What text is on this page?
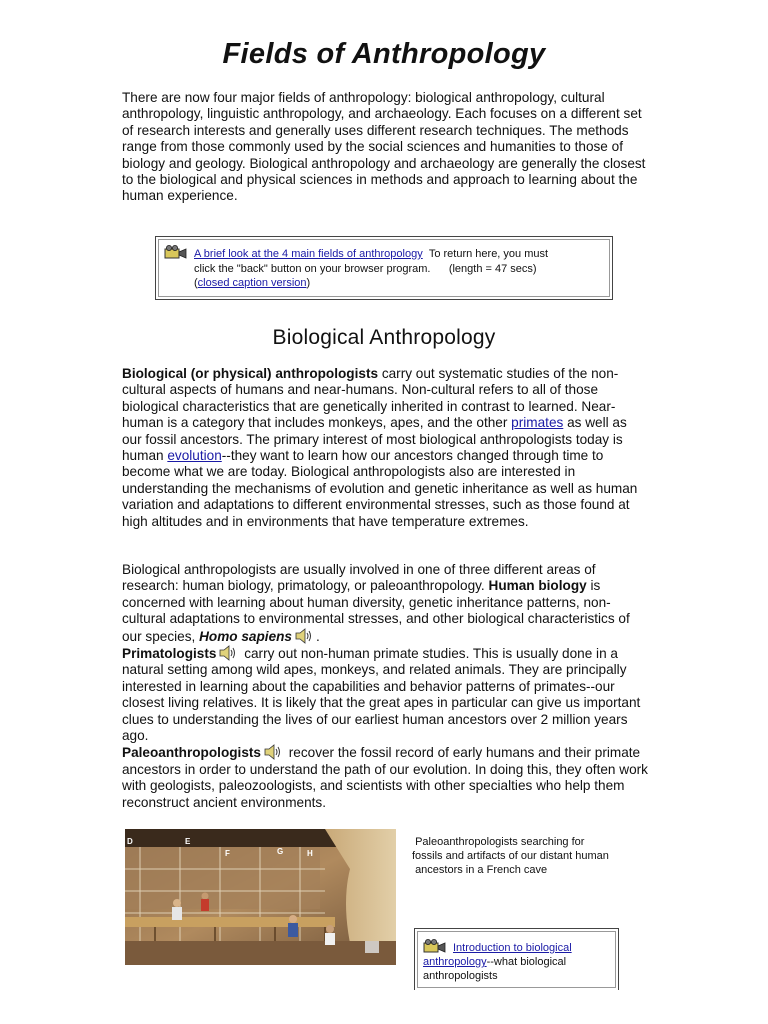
Fields of Anthropology

There are now four major fields of anthropology: biological anthropology, cultural anthropology, linguistic anthropology, and archaeology. Each focuses on a different set of research interests and generally uses different research techniques. The methods range from those commonly used by the social sciences and humanities to those of biology and geology. Biological anthropology and archaeology are generally the closest to the biological and physical sciences in methods and approach to learning about the human experience.

A brief look at the 4 main fields of anthropology To return here, you must
click the "back" button on your browser program. (length = 47 secs)
(closed caption version)
Biological Anthropology

Biological (or physical) anthropologists carry out systematic studies of the non-cultural aspects of humans and near-humans. Non-cultural refers to all of those biological characteristics that are genetically inherited in contrast to learned. Near-human is a category that includes monkeys, apes, and the other primates as well as our fossil ancestors. The primary interest of most biological anthropologists today is human evolution--they want to learn how our ancestors changed through time to become what we are today. Biological anthropologists also are interested in understanding the mechanisms of evolution and genetic inheritance as well as human variation and adaptations to different environmental stresses, such as those found at high altitudes and in environments that have temperature extremes.

Biological anthropologists are usually involved in one of three different areas of research: human biology, primatology, or paleoanthropology. Human biology is concerned with learning about human diversity, genetic inheritance patterns, non-cultural adaptations to environmental stresses, and other biological characteristics of our species, Homo sapiens .
Primatologists carry out non-human primate studies. This is usually done in a natural setting among wild apes, monkeys, and related animals. They are principally interested in learning about the capabilities and behavior patterns of primates--our closest living relatives. It is likely that the great apes in particular can give us important clues to understanding the lives of our earliest human ancestors over 2 million years ago.
Paleoanthropologists recover the fossil record of early humans and their primate ancestors in order to understand the path of our evolution. In doing this, they often work with geologists, paleozoologists, and scientists with other specialties who help them reconstruct ancient environments.

D	E
F	G	H

Paleoanthropologists searching for
fossils and artifacts of our distant human
ancestors in a French cave

Introduction to biological anthropology--what biological anthropologists
